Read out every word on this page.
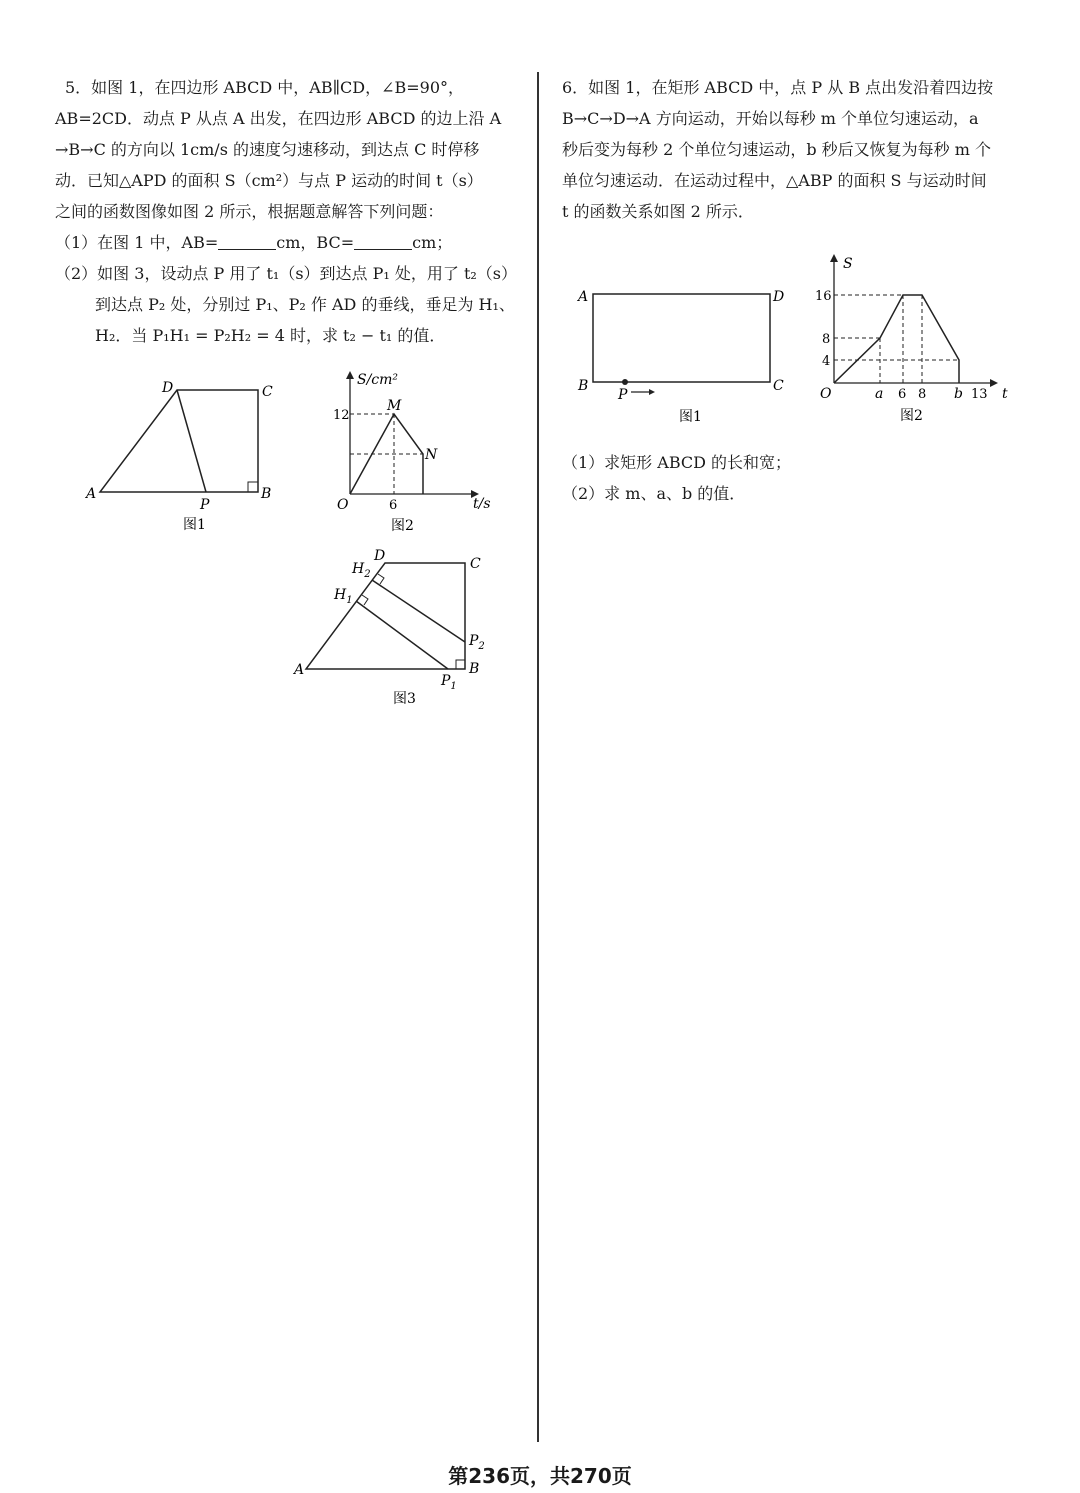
5．如图 1，在四边形 ABCD 中，AB∥CD，∠B=90°，

AB=2CD．动点 P 从点 A 出发，在四边形 ABCD 的边上沿 A

→B→C 的方向以 1cm/s 的速度匀速移动，到达点 C 时停移

动．已知△APD 的面积 S（cm²）与点 P 运动的时间 t（s）

之间的函数图像如图 2 所示，根据题意解答下列问题：

（1）在图 1 中，AB=	cm，BC=	cm；

（2）如图 3，设动点 P 用了 t₁（s）到达点 P₁ 处，用了 t₂（s）

到达点 P₂ 处，分别过 P₁、P₂ 作 AD 的垂线，垂足为 H₁、

H₂．当 P₁H₁ = P₂H₂ = 4 时，求 t₂ − t₁ 的值．

A	B
C
D
P
图1
S/cm²
t/s
O	6
12
M
N
图2
A	B
C
D
$H_1$
$H_2$
$P_1$
$P_2$
图3

6．如图 1，在矩形 ABCD 中，点 P 从 B 点出发沿着四边按

B→C→D→A 方向运动，开始以每秒 m 个单位匀速运动，a

秒后变为每秒 2 个单位匀速运动，b 秒后又恢复为每秒 m 个

单位匀速运动．在运动过程中，△ABP 的面积 S 与运动时间

t 的函数关系如图 2 所示．

（1）求矩形 ABCD 的长和宽；

（2）求 m、a、b 的值．

A	D
B	C
P
图1
S
t
O
16
8
4
a 6 8 b 13
图2
第236页，共270页
